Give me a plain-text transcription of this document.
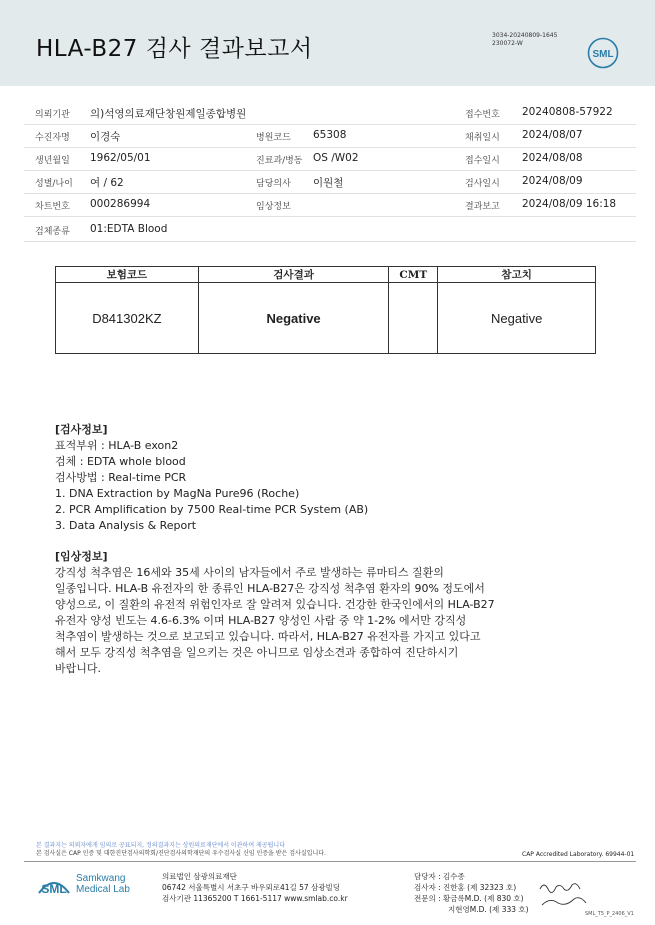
HLA-B27 검사 결과보고서
3034-20240809-1645
230072-W
SML
의뢰기관 의)석영의료재단창원제일종합병원	접수번호 20240808-57922
수진자명 이경숙	병원코드 65308	채취일시 2024/08/07
생년월일 1962/05/01	진료과/병동 OS /W02	접수일시 2024/08/08
성별/나이 여 / 62	담당의사 이원철	검사일시 2024/08/09
차트번호 000286994	임상정보	결과보고 2024/08/09 16:18
검체종류 01:EDTA Blood
보험코드	검사결과	CMT	참고치
D841302KZ	Negative		Negative
[검사정보]
표적부위 : HLA-B exon2
검체 : EDTA whole blood
검사방법 : Real-time PCR
1. DNA Extraction by MagNa Pure96 (Roche)
2. PCR Amplification by 7500 Real-time PCR System (AB)
3. Data Analysis & Report
[임상정보]
강직성 척추염은 16세와 35세 사이의 남자들에서 주로 발생하는 류마티스 질환의
일종입니다. HLA-B 유전자의 한 종류인 HLA-B27은 강직성 척추염 환자의 90% 정도에서
양성으로, 이 질환의 유전적 위험인자로 잘 알려져 있습니다. 건강한 한국인에서의 HLA-B27
유전자 양성 빈도는 4.6-6.3% 이며 HLA-B27 양성인 사람 중 약 1-2% 에서만 강직성
척추염이 발생하는 것으로 보고되고 있습니다. 따라서, HLA-B27 유전자를 가지고 있다고
해서 모두 강직성 척추염을 일으키는 것은 아니므로 임상소견과 종합하여 진단하시기
바랍니다.
본 결과지는 의뢰자에게 임의로 공표되지, 정의결과지는 상원의료재단에서 이관하여 제공됩니다
본 검사실은 CAP 인증 및 대한진단검사의학회/진단검사의학재단의 우수검사실 신임 인증을 받은 검사실입니다.	CAP Accredited Laboratory. 69944-01
SML
Samkwang
Medical Lab
의료법인 삼광의료재단
06742 서울특별시 서초구 바우뫼로41길 57 삼광빌딩
검사기관 11365200 T 1661-5117 www.smlab.co.kr
담당자 : 김수종
검사자 : 진한홍 (제 32323 호)
전문의 : 황금록M.D. (제 830 호)
지현영M.D. (제 333 호)	SML_T5_P_2406_V1
